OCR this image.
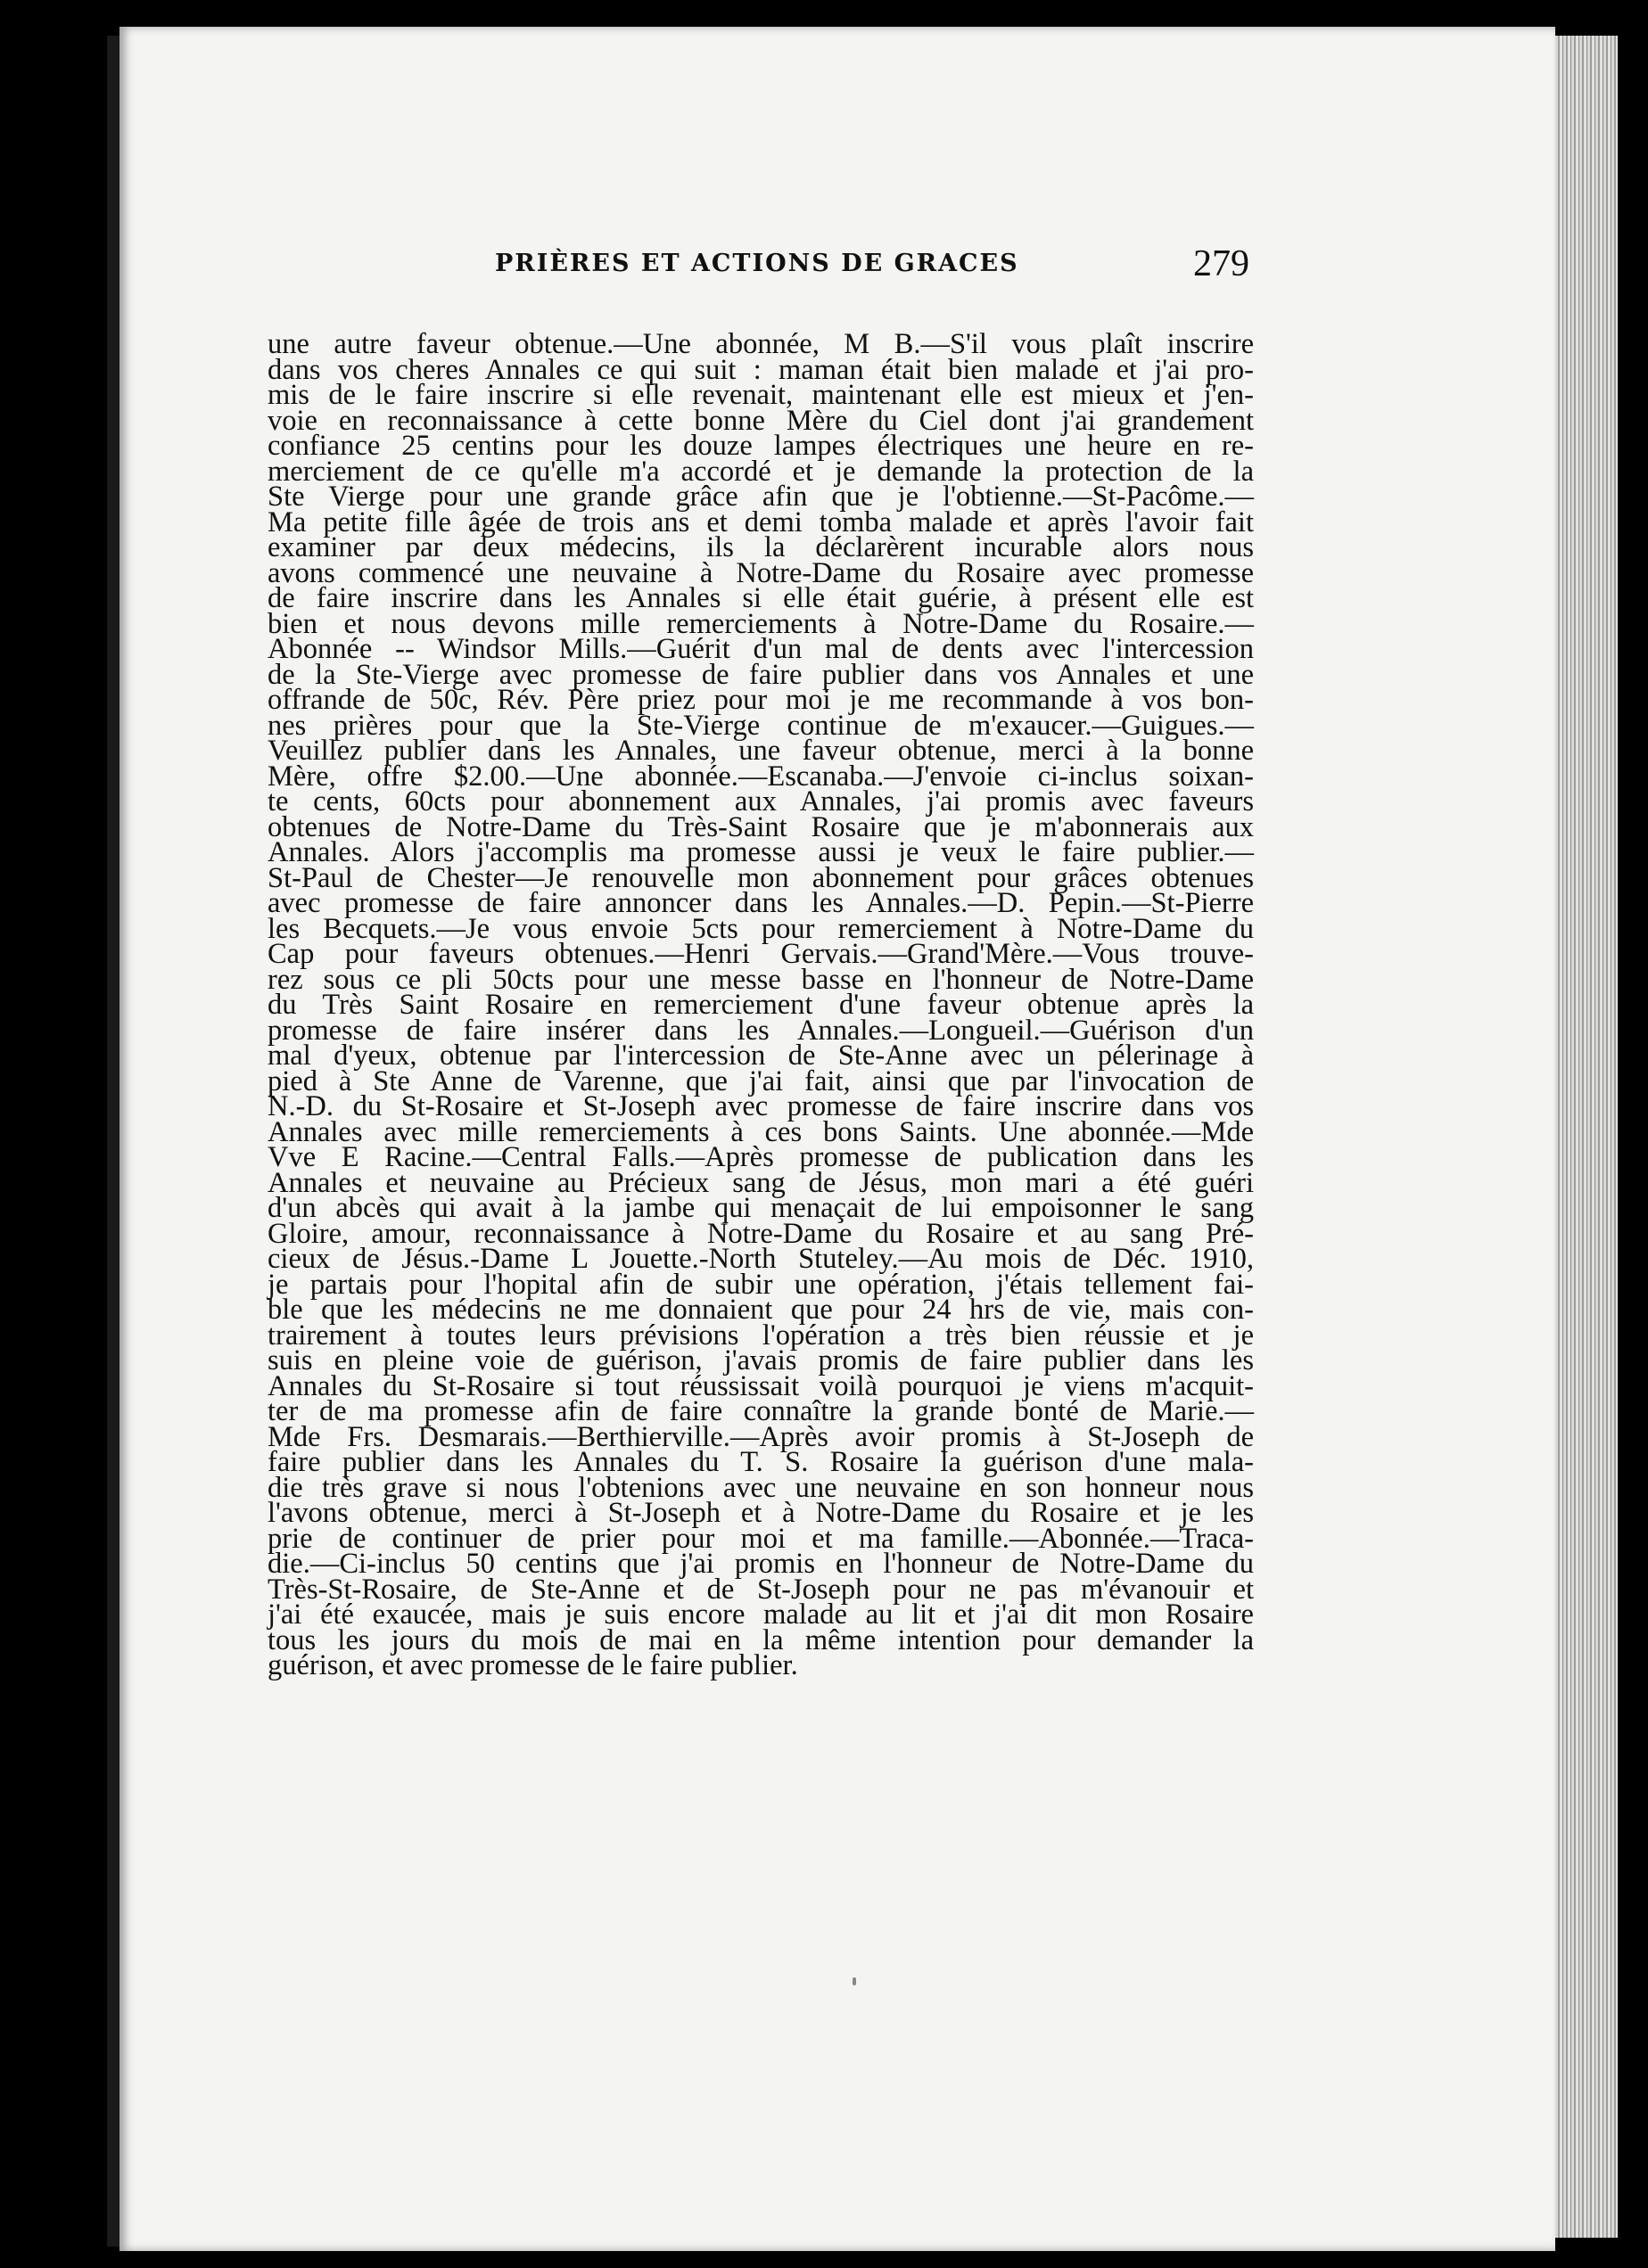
PRIÈRES ET ACTIONS DE GRACES	279
une autre faveur obtenue.—Une abonnée, M B.—S'il vous plaît inscrire
dans vos cheres Annales ce qui suit : maman était bien malade et j'ai pro-
mis de le faire inscrire si elle revenait, maintenant elle est mieux et j'en-
voie en reconnaissance à cette bonne Mère du Ciel dont j'ai grandement
confiance 25 centins pour les douze lampes électriques une heure en re-
merciement de ce qu'elle m'a accordé et je demande la protection de la
Ste Vierge pour une grande grâce afin que je l'obtienne.—St-Pacôme.—
Ma petite fille âgée de trois ans et demi tomba malade et après l'avoir fait
examiner par deux médecins, ils la déclarèrent incurable alors nous
avons commencé une neuvaine à Notre-Dame du Rosaire avec promesse
de faire inscrire dans les Annales si elle était guérie, à présent elle est
bien et nous devons mille remerciements à Notre-Dame du Rosaire.—
Abonnée -- Windsor Mills.—Guérit d'un mal de dents avec l'intercession
de la Ste-Vierge avec promesse de faire publier dans vos Annales et une
offrande de 50c, Rév. Père priez pour moi je me recommande à vos bon-
nes prières pour que la Ste-Vierge continue de m'exaucer.—Guigues.—
Veuillez publier dans les Annales, une faveur obtenue, merci à la bonne
Mère, offre $2.00.—Une abonnée.—Escanaba.—J'envoie ci-inclus soixan-
te cents, 60cts pour abonnement aux Annales, j'ai promis avec faveurs
obtenues de Notre-Dame du Très-Saint Rosaire que je m'abonnerais aux
Annales. Alors j'accomplis ma promesse aussi je veux le faire publier.—
St-Paul de Chester—Je renouvelle mon abonnement pour grâces obtenues
avec promesse de faire annoncer dans les Annales.—D. Pepin.—St-Pierre
les Becquets.—Je vous envoie 5cts pour remerciement à Notre-Dame du
Cap pour faveurs obtenues.—Henri Gervais.—Grand'Mère.—Vous trouve-
rez sous ce pli 50cts pour une messe basse en l'honneur de Notre-Dame
du Très Saint Rosaire en remerciement d'une faveur obtenue après la
promesse de faire insérer dans les Annales.—Longueil.—Guérison d'un
mal d'yeux, obtenue par l'intercession de Ste-Anne avec un pélerinage à
pied à Ste Anne de Varenne, que j'ai fait, ainsi que par l'invocation de
N.-D. du St-Rosaire et St-Joseph avec promesse de faire inscrire dans vos
Annales avec mille remerciements à ces bons Saints. Une abonnée.—Mde
Vve E Racine.—Central Falls.—Après promesse de publication dans les
Annales et neuvaine au Précieux sang de Jésus, mon mari a été guéri
d'un abcès qui avait à la jambe qui menaçait de lui empoisonner le sang
Gloire, amour, reconnaissance à Notre-Dame du Rosaire et au sang Pré-
cieux de Jésus.-Dame L Jouette.-North Stuteley.—Au mois de Déc. 1910,
je partais pour l'hopital afin de subir une opération, j'étais tellement fai-
ble que les médecins ne me donnaient que pour 24 hrs de vie, mais con-
trairement à toutes leurs prévisions l'opération a très bien réussie et je
suis en pleine voie de guérison, j'avais promis de faire publier dans les
Annales du St-Rosaire si tout réussissait voilà pourquoi je viens m'acquit-
ter de ma promesse afin de faire connaître la grande bonté de Marie.—
Mde Frs. Desmarais.—Berthierville.—Après avoir promis à St-Joseph de
faire publier dans les Annales du T. S. Rosaire la guérison d'une mala-
die très grave si nous l'obtenions avec une neuvaine en son honneur nous
l'avons obtenue, merci à St-Joseph et à Notre-Dame du Rosaire et je les
prie de continuer de prier pour moi et ma famille.—Abonnée.—Traca-
die.—Ci-inclus 50 centins que j'ai promis en l'honneur de Notre-Dame du
Très-St-Rosaire, de Ste-Anne et de St-Joseph pour ne pas m'évanouir et
j'ai été exaucée, mais je suis encore malade au lit et j'ai dit mon Rosaire
tous les jours du mois de mai en la même intention pour demander la
guérison, et avec promesse de le faire publier.
